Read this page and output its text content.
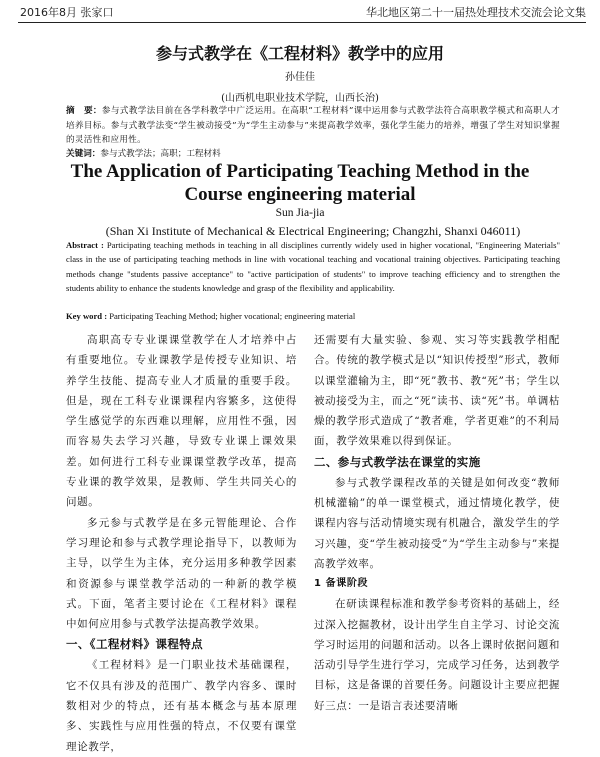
2016年8月 张家口	华北地区第二十一届热处理技术交流会论文集
参与式教学在《工程材料》教学中的应用
孙佳佳
(山西机电职业技术学院，山西长治)
摘　要：参与式教学法目前在各学科教学中广泛运用。在高职“工程材料”课中运用参与式教学法符合高职教学模式和高职人才培养目标。参与式教学法变“学生被动接受”为“学生主动参与”来提高教学效率，强化学生能力的培养，增强了学生对知识掌握的灵活性和应用性。
关键词：参与式教学法；高职；工程材料
The Application of Participating Teaching Method in the Course engineering material
Sun Jia-jia
(Shan Xi Institute of Mechanical & Electrical Engineering; Changzhi, Shanxi 046011)
Abstract : Participating teaching methods in teaching in all disciplines currently widely used in higher vocational, "Engineering Materials" class in the use of participating teaching methods in line with vocational teaching and vocational training objectives. Participating teaching methods change "students passive acceptance" to "active participation of students" to improve teaching efficiency and to strengthen the students ability to enhance the students knowledge and grasp of the flexibility and applicability.
Key word : Participating Teaching Method; higher vocational; engineering material

高职高专专业课课堂教学在人才培养中占有重要地位。专业课教学是传授专业知识、培养学生技能、提高专业人才质量的重要手段。但是，现在工科专业课课程内容繁多，这使得学生感觉学的东西难以理解，应用性不强，因而容易失去学习兴趣，导致专业课上课效果差。如何进行工科专业课课堂教学改革，提高专业课的教学效果，是教师、学生共同关心的问题。

多元参与式教学是在多元智能理论、合作学习理论和参与式教学理论指导下，以教师为主导，以学生为主体，充分运用多种教学因素和资源参与课堂教学活动的一种新的教学模式。下面，笔者主要讨论在《工程材料》课程中如何应用参与式教学法提高教学效果。

一、《工程材料》课程特点

《工程材料》是一门职业技术基础课程，它不仅具有涉及的范围广、教学内容多、课时数相对少的特点，还有基本概念与基本原理多、实践性与应用性强的特点，不仅要有课堂理论教学，

还需要有大量实验、参观、实习等实践教学相配合。传统的教学模式是以“知识传授型”形式，教师以课堂灌输为主，即“死”教书、教“死”书；学生以被动接受为主，而之“死”读书、读“死”书。单调枯燥的教学形式造成了“教者难，学者更难”的不利局面，教学效果难以得到保证。

二、参与式教学法在课堂的实施

参与式教学课程改革的关键是如何改变“教师机械灌输”的单一课堂模式，通过情境化教学，使课程内容与活动情境实现有机融合，激发学生的学习兴趣，变“学生被动接受”为“学生主动参与”来提高教学效率。

1 备课阶段

在研读课程标准和教学参考资料的基础上，经过深入挖掘教材，设计出学生自主学习、讨论交流学习时运用的问题和活动。以各上课时依据问题和活动引导学生进行学习，完成学习任务，达到教学目标，这是备课的首要任务。问题设计主要应把握好三点：一是语言表述要清晰
